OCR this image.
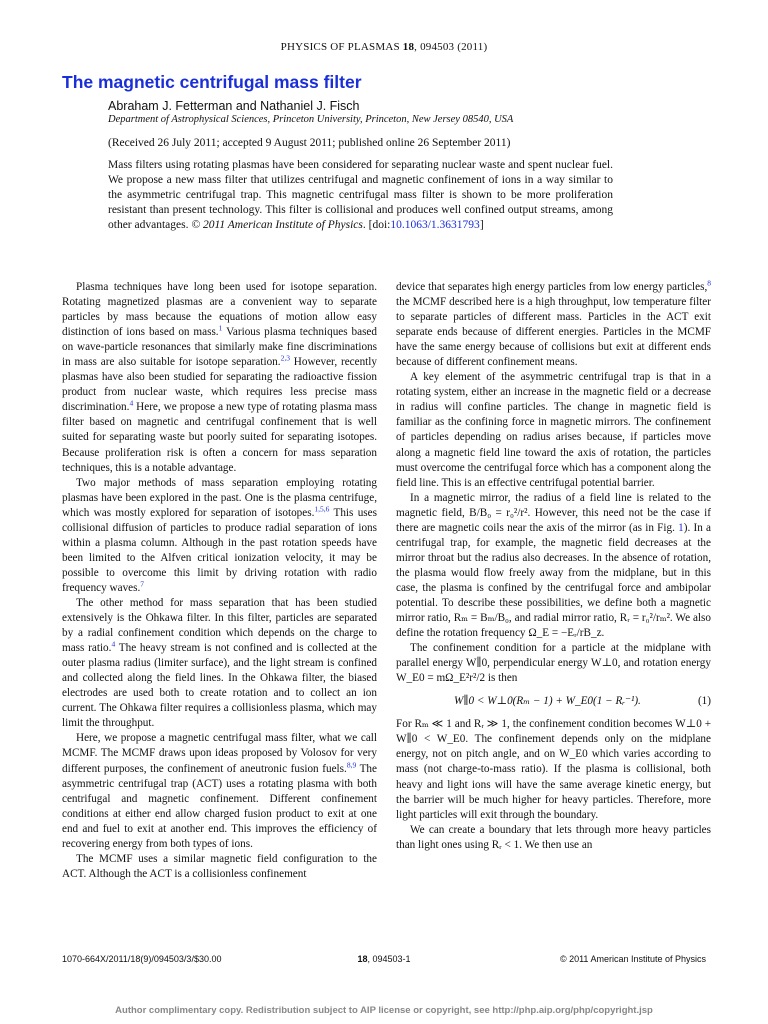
PHYSICS OF PLASMAS 18, 094503 (2011)
The magnetic centrifugal mass filter
Abraham J. Fetterman and Nathaniel J. Fisch
Department of Astrophysical Sciences, Princeton University, Princeton, New Jersey 08540, USA
(Received 26 July 2011; accepted 9 August 2011; published online 26 September 2011)
Mass filters using rotating plasmas have been considered for separating nuclear waste and spent nuclear fuel. We propose a new mass filter that utilizes centrifugal and magnetic confinement of ions in a way similar to the asymmetric centrifugal trap. This magnetic centrifugal mass filter is shown to be more proliferation resistant than present technology. This filter is collisional and produces well confined output streams, among other advantages. © 2011 American Institute of Physics. [doi:10.1063/1.3631793]

Plasma techniques have long been used for isotope separation. Rotating magnetized plasmas are a convenient way to separate particles by mass because the equations of motion allow easy distinction of ions based on mass.$^1$ Various plasma techniques based on wave-particle resonances that similarly make fine discriminations in mass are also suitable for isotope separation.$^{2,3}$ However, recently plasmas have also been studied for separating the radioactive fission product from nuclear waste, which requires less precise mass discrimination.$^4$ Here, we propose a new type of rotating plasma mass filter based on magnetic and centrifugal confinement that is well suited for separating waste but poorly suited for separating isotopes. Because proliferation risk is often a concern for mass separation techniques, this is a notable advantage.

Two major methods of mass separation employing rotating plasmas have been explored in the past. One is the plasma centrifuge, which was mostly explored for separation of isotopes.$^{1,5,6}$ This uses collisional diffusion of particles to produce radial separation of ions within a plasma column. Although in the past rotation speeds have been limited to the Alfven critical ionization velocity, it may be possible to overcome this limit by driving rotation with radio frequency waves.$^7$

The other method for mass separation that has been studied extensively is the Ohkawa filter. In this filter, particles are separated by a radial confinement condition which depends on the charge to mass ratio.$^4$ The heavy stream is not confined and is collected at the outer plasma radius (limiter surface), and the light stream is confined and collected along the field lines. In the Ohkawa filter, the biased electrodes are used both to create rotation and to collect an ion current. The Ohkawa filter requires a collisionless plasma, which may limit the throughput.

Here, we propose a magnetic centrifugal mass filter, what we call MCMF. The MCMF draws upon ideas proposed by Volosov for very different purposes, the confinement of aneutronic fusion fuels.$^{8,9}$ The asymmetric centrifugal trap (ACT) uses a rotating plasma with both centrifugal and magnetic confinement. Different confinement conditions at either end allow charged fusion product to exit at one end and fuel to exit at another end. This improves the efficiency of recovering energy from both types of ions.

The MCMF uses a similar magnetic field configuration to the ACT. Although the ACT is a collisionless confinement

device that separates high energy particles from low energy particles,$^8$ the MCMF described here is a high throughput, low temperature filter to separate particles of different mass. Particles in the ACT exit separate ends because of different energies. Particles in the MCMF have the same energy because of collisions but exit at different ends because of different confinement means.

A key element of the asymmetric centrifugal trap is that in a rotating system, either an increase in the magnetic field or a decrease in radius will confine particles. The change in magnetic field is familiar as the confining force in magnetic mirrors. The confinement of particles depending on radius arises because, if particles move along a magnetic field line toward the axis of rotation, the particles must overcome the centrifugal force which has a component along the field line. This is an effective centrifugal potential barrier.

In a magnetic mirror, the radius of a field line is related to the magnetic field, B/B₀ = r₀²/r². However, this need not be the case if there are magnetic coils near the axis of the mirror (as in Fig. 1). In a centrifugal trap, for example, the magnetic field decreases at the mirror throat but the radius also decreases. In the absence of rotation, the plasma would flow freely away from the midplane, but in this case, the plasma is confined by the centrifugal force and ambipolar potential. To describe these possibilities, we define both a magnetic mirror ratio, Rₘ = Bₘ/B₀, and radial mirror ratio, Rᵣ = r₀²/rₘ². We also define the rotation frequency Ω_E = −Eᵣ/rB_z.

The confinement condition for a particle at the midplane with parallel energy W∥0, perpendicular energy W⊥0, and rotation energy W_E0 = mΩ_E²r²/2 is then

W∥0 < W⊥0(Rₘ − 1) + W_E0(1 − Rᵣ⁻¹).	(1)

For Rₘ ≪ 1 and Rᵣ ≫ 1, the confinement condition becomes W⊥0 + W∥0 < W_E0. The confinement depends only on the midplane energy, not on pitch angle, and on W_E0 which varies according to mass (not charge-to-mass ratio). If the plasma is collisional, both heavy and light ions will have the same average kinetic energy, but the barrier will be much higher for heavy particles. Therefore, more light particles will exit through the boundary.

We can create a boundary that lets through more heavy particles than light ones using Rᵣ < 1. We then use an

1070-664X/2011/18(9)/094503/3/$30.00	18, 094503-1	© 2011 American Institute of Physics
Author complimentary copy. Redistribution subject to AIP license or copyright, see http://php.aip.org/php/copyright.jsp
